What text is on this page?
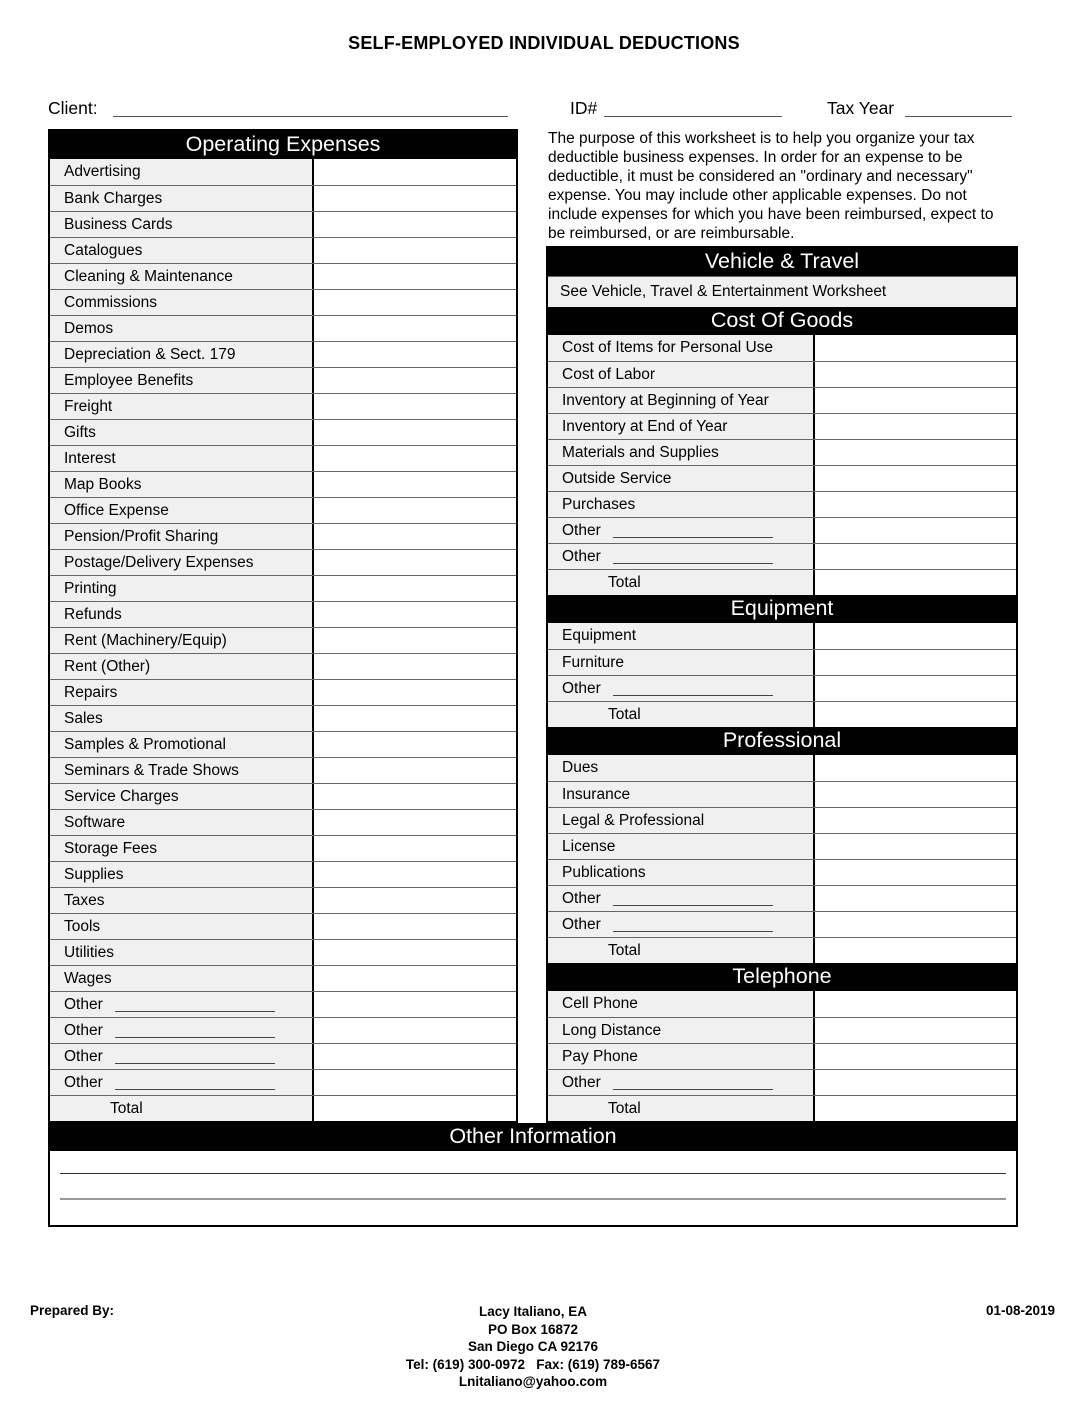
SELF-EMPLOYED INDIVIDUAL DEDUCTIONS
Client:	ID#	Tax Year
The purpose of this worksheet is to help you organize your tax deductible business expenses. In order for an expense to be deductible, it must be considered an "ordinary and necessary" expense. You may include other applicable expenses. Do not include expenses for which you have been reimbursed, expect to be reimbursed, or are reimbursable.
Operating Expenses
Advertising
Bank Charges
Business Cards
Catalogues
Cleaning & Maintenance
Commissions
Demos
Depreciation & Sect. 179
Employee Benefits
Freight
Gifts
Interest
Map Books
Office Expense
Pension/Profit Sharing
Postage/Delivery Expenses
Printing
Refunds
Rent (Machinery/Equip)
Rent (Other)
Repairs
Sales
Samples & Promotional
Seminars & Trade Shows
Service Charges
Software
Storage Fees
Supplies
Taxes
Tools
Utilities
Wages
Other
Other
Other
Other
Total
Vehicle & Travel
See Vehicle, Travel & Entertainment Worksheet
Cost Of Goods
Cost of Items for Personal Use
Cost of Labor
Inventory at Beginning of Year
Inventory at End of Year
Materials and Supplies
Outside Service
Purchases
Other
Other
Total
Equipment
Equipment
Furniture
Other
Total
Professional
Dues
Insurance
Legal & Professional
License
Publications
Other
Other
Total
Telephone
Cell Phone
Long Distance
Pay Phone
Other
Total
Other Information
Prepared By:	Lacy Italiano, EA
PO Box 16872
San Diego CA 92176
Tel: (619) 300-0972   Fax: (619) 789-6567
Lnitaliano@yahoo.com
01-08-2019
